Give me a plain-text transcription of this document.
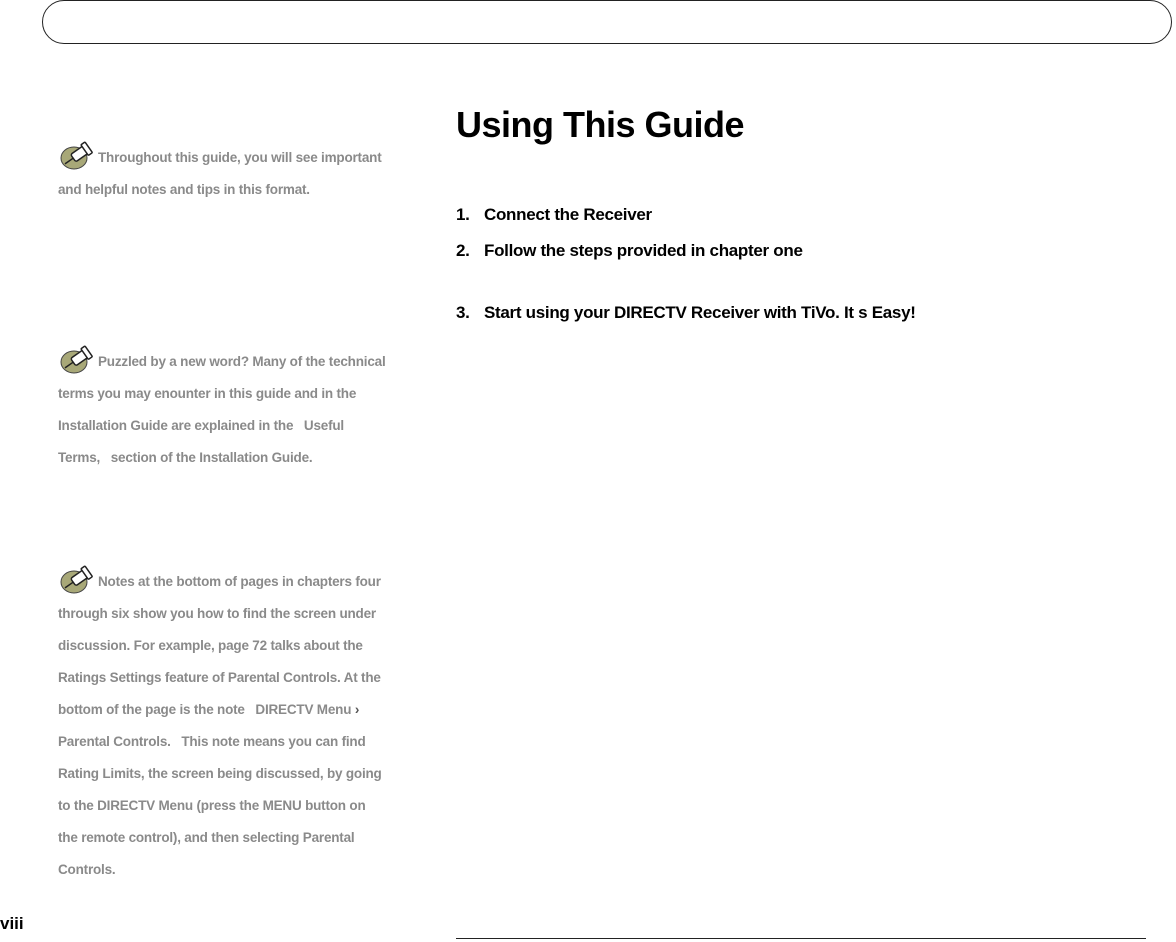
Throughout this guide, you will see important
and helpful notes and tips in this format.
Puzzled by a new word? Many of the technical
terms you may enounter in this guide and in the
Installation Guide are explained in the   Useful
Terms,   section of the Installation Guide.
Notes at the bottom of pages in chapters four
through six show you how to find the screen under
discussion. For example, page 72 talks about the
Ratings Settings feature of Parental Controls. At the
bottom of the page is the note   DIRECTV Menu ›
Parental Controls.   This note means you can find
Rating Limits, the screen being discussed, by going
to the DIRECTV Menu (press the MENU button on
the remote control), and then selecting Parental
Controls.
Using This Guide
1. Connect the Receiver
2. Follow the steps provided in chapter one
3. Start using your DIRECTV Receiver with TiVo. It s Easy!
viii
